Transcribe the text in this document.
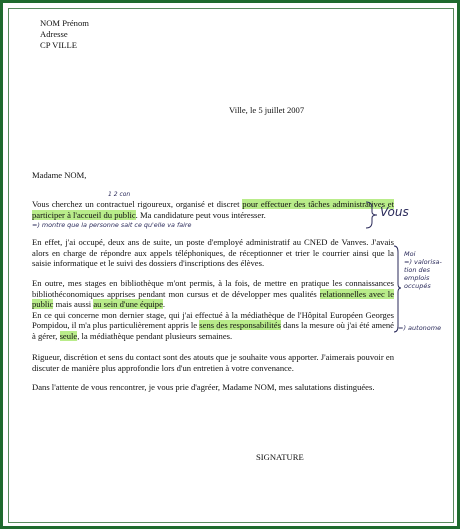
NOM Prénom
Adresse
CP VILLE
Ville, le 5 juillet 2007
Madame NOM,

Vous cherchez un contractuel rigoureux, organisé et discret pour effectuer des tâches administratives et participer à l'accueil du public. Ma candidature peut vous intéresser.

1 2 con
=) montre que la personne sait ce qu'elle va faire
Vous

En effet, j'ai occupé, deux ans de suite, un poste d'employé administratif au CNED de Vanves. J'avais alors en charge de répondre aux appels téléphoniques, de réceptionner et trier le courrier ainsi que la saisie informatique et le suivi des dossiers d'inscriptions des élèves.

En outre, mes stages en bibliothèque m'ont permis, à la fois, de mettre en pratique les connaissances bibliothéconomiques apprises pendant mon cursus et de développer mes qualités relationnelles avec le public mais aussi au sein d'une équipe.
En ce qui concerne mon dernier stage, qui j'ai effectué à la médiathèque de l'Hôpital Européen Georges Pompidou, il m'a plus particulièrement appris le sens des responsabilités dans la mesure où j'ai été amené à gérer, seule, la médiathèque pendant plusieurs semaines.

Moi
=) valorisa-
tion des
emplois
occupés
=) autonome

Rigueur, discrétion et sens du contact sont des atouts que je souhaite vous apporter. J'aimerais pouvoir en discuter de manière plus approfondie lors d'un entretien à votre convenance.

Dans l'attente de vous rencontrer, je vous prie d'agréer, Madame NOM, mes salutations distinguées.

SIGNATURE
